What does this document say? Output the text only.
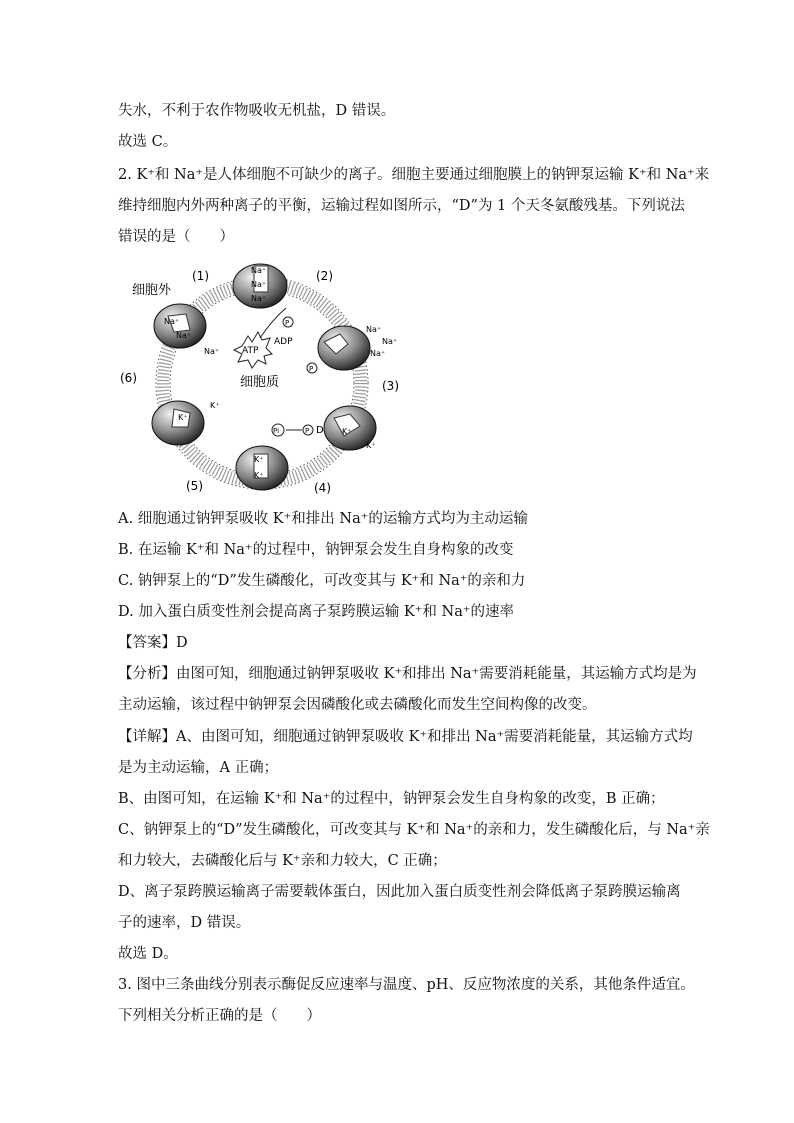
失水，不利于农作物吸收无机盐，D 错误。
故选 C。
2. K⁺和 Na⁺是人体细胞不可缺少的离子。细胞主要通过细胞膜上的钠钾泵运输 K⁺和 Na⁺来
维持细胞内外两种离子的平衡，运输过程如图所示，“D”为 1 个天冬氨酸残基。下列说法
错误的是（　　）
(1)	(2)
(3)
(4)
(5)
(6)
细胞外
细胞质
Na⁺
Na⁺
Na⁺
Na⁺
Na⁺
Na⁺
Na⁺
Na⁺
Na⁺
K⁺
K⁺
K⁺
K⁺
K⁺
K⁺
ATP
ADP
P
P
Pi	P D
A. 细胞通过钠钾泵吸收 K⁺和排出 Na⁺的运输方式均为主动运输
B. 在运输 K⁺和 Na⁺的过程中，钠钾泵会发生自身构象的改变
C. 钠钾泵上的“D”发生磷酸化，可改变其与 K⁺和 Na⁺的亲和力
D. 加入蛋白质变性剂会提高离子泵跨膜运输 K⁺和 Na⁺的速率
【答案】D
【分析】由图可知，细胞通过钠钾泵吸收 K⁺和排出 Na⁺需要消耗能量，其运输方式均是为
主动运输，该过程中钠钾泵会因磷酸化或去磷酸化而发生空间构像的改变。
【详解】A、由图可知，细胞通过钠钾泵吸收 K⁺和排出 Na⁺需要消耗能量，其运输方式均
是为主动运输，A 正确；
B、由图可知，在运输 K⁺和 Na⁺的过程中，钠钾泵会发生自身构象的改变，B 正确；
C、钠钾泵上的“D”发生磷酸化，可改变其与 K⁺和 Na⁺的亲和力，发生磷酸化后，与 Na⁺亲
和力较大，去磷酸化后与 K⁺亲和力较大，C 正确；
D、离子泵跨膜运输离子需要载体蛋白，因此加入蛋白质变性剂会降低离子泵跨膜运输离
子的速率，D 错误。
故选 D。
3. 图中三条曲线分别表示酶促反应速率与温度、pH、反应物浓度的关系，其他条件适宜。
下列相关分析正确的是（　　）
